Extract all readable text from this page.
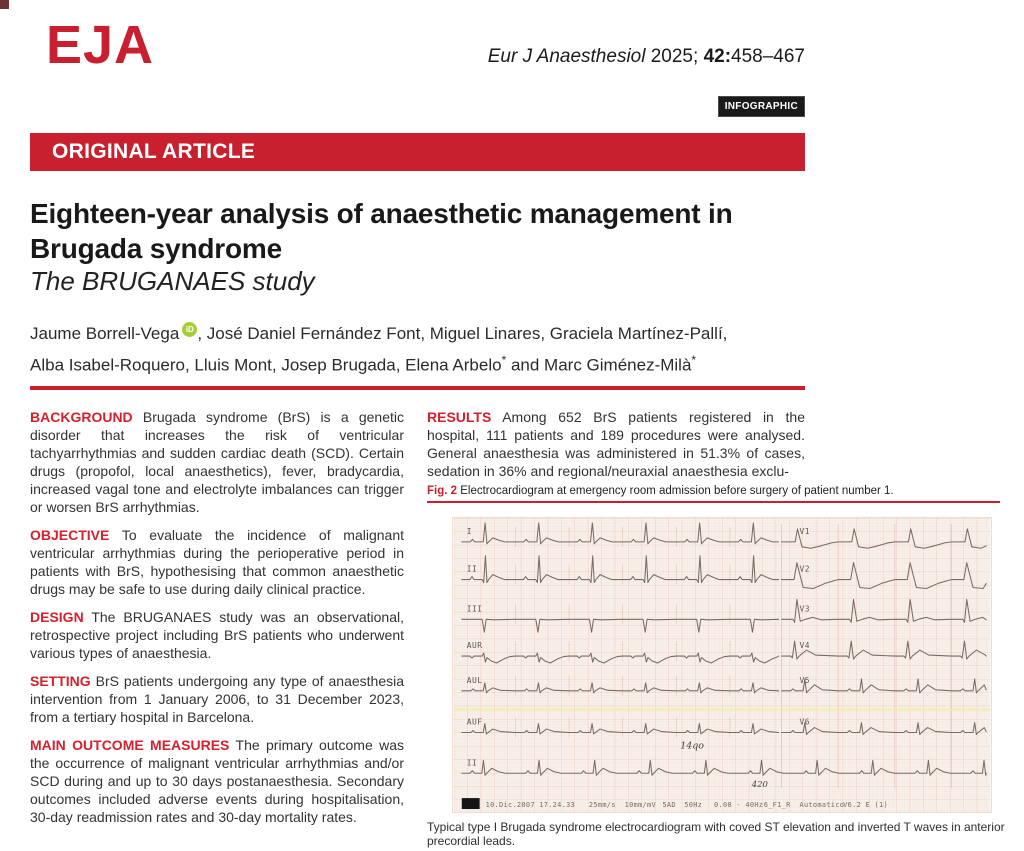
EJA	Eur J Anaesthesiol 2025; 42:458–467
INFOGRAPHIC
ORIGINAL ARTICLE
Eighteen-year analysis of anaesthetic management in
Brugada syndrome
The BRUGANAES study
Jaume Borrell-Vega iD , José Daniel Fernández Font, Miguel Linares, Graciela Martínez-Pallí,
Alba Isabel-Roquero, Lluis Mont, Josep Brugada, Elena Arbelo* and Marc Giménez-Milà*

BACKGROUND Brugada syndrome (BrS) is a genetic disorder that increases the risk of ventricular tachyarrhythmias and sudden cardiac death (SCD). Certain drugs (propofol, local anaesthetics), fever, bradycardia, increased vagal tone and electrolyte imbalances can trigger or worsen BrS arrhythmias.

OBJECTIVE To evaluate the incidence of malignant ventricular arrhythmias during the perioperative period in patients with BrS, hypothesising that common anaesthetic drugs may be safe to use during daily clinical practice.

DESIGN The BRUGANAES study was an observational, retrospective project including BrS patients who underwent various types of anaesthesia.

SETTING BrS patients undergoing any type of anaesthesia intervention from 1 January 2006, to 31 December 2023, from a tertiary hospital in Barcelona.

MAIN OUTCOME MEASURES The primary outcome was the occurrence of malignant ventricular arrhythmias and/or SCD during and up to 30 days postanaesthesia. Secondary outcomes included adverse events during hospitalisation, 30-day readmission rates and 30-day mortality rates.

RESULTS Among 652 BrS patients registered in the hospital, 111 patients and 189 procedures were analysed. General anaesthesia was administered in 51.3% of cases, sedation in 36% and regional/neuraxial anaesthesia exclu-

Fig. 2 Electrocardiogram at emergency room admission before surgery of patient number 1.
I	V1
II	V2
III	V3
AUR	V4
AUL	V5
AUF	V6
II
14qo
420
10.Dic.2007 17.24.33 25mm/s 10mm/mV 5AD 50Hz 0.08 - 40Hz 6_F1_R Automatico
V6.2 E (1)
Typical type I Brugada syndrome electrocardiogram with coved ST elevation and inverted T waves in anterior precordial leads.
